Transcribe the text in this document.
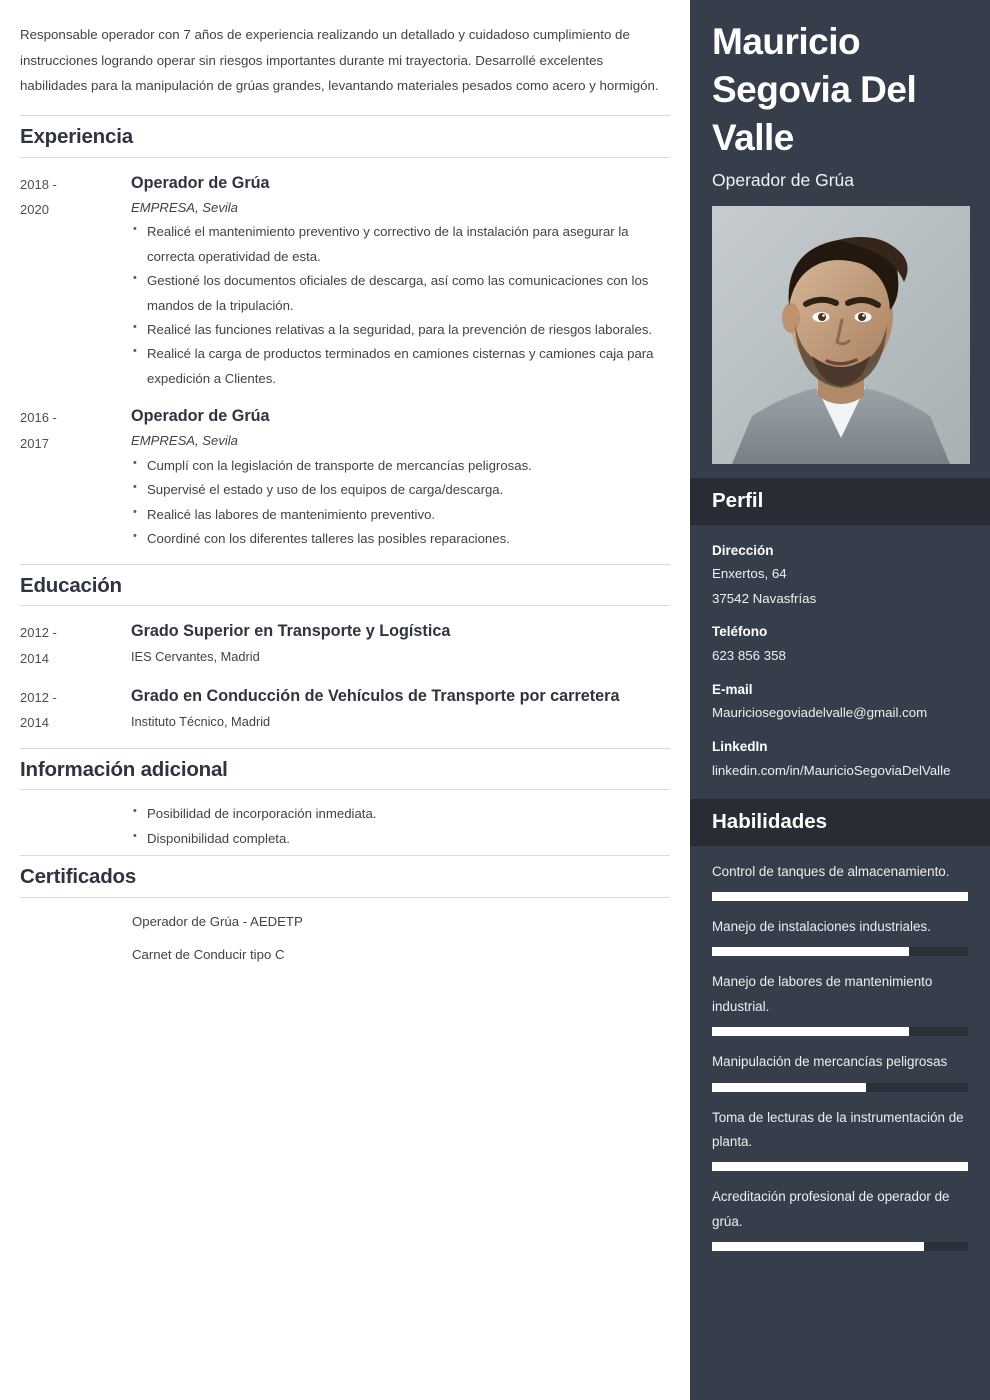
Responsable operador con 7 años de experiencia realizando un detallado y cuidadoso cumplimiento de instrucciones logrando operar sin riesgos importantes durante mi trayectoria. Desarrollé excelentes habilidades para la manipulación de grúas grandes, levantando materiales pesados como acero y hormigón.

Experiencia
2018 -
2020
Operador de Grúa
EMPRESA, Sevila
• Realicé el mantenimiento preventivo y correctivo de la instalación para asegurar la correcta operatividad de esta.
• Gestioné los documentos oficiales de descarga, así como las comunicaciones con los mandos de la tripulación.
• Realicé las funciones relativas a la seguridad, para la prevención de riesgos laborales.
• Realicé la carga de productos terminados en camiones cisternas y camiones caja para expedición a Clientes.
2016 -
2017
Operador de Grúa
EMPRESA, Sevila
• Cumplí con la legislación de transporte de mercancías peligrosas.
• Supervisé el estado y uso de los equipos de carga/descarga.
• Realicé las labores de mantenimiento preventivo.
• Coordiné con los diferentes talleres las posibles reparaciones.
Educación
2012 -
2014
Grado Superior en Transporte y Logística
IES Cervantes, Madrid
2012 -
2014
Grado en Conducción de Vehículos de Transporte por carretera
Instituto Técnico, Madrid
Información adicional
• Posibilidad de incorporación inmediata.
• Disponibilidad completa.
Certificados
Operador de Grúa - AEDETP
Carnet de Conducir tipo C
Mauricio Segovia Del Valle
Operador de Grúa
Perfil
Dirección
Enxertos, 64
37542 Navasfrías
Teléfono
623 856 358
E-mail
Mauriciosegoviadelvalle@gmail.com
LinkedIn
linkedin.com/in/MauricioSegoviaDelValle
Habilidades
Control de tanques de almacenamiento.
Manejo de instalaciones industriales.
Manejo de labores de mantenimiento industrial.
Manipulación de mercancías peligrosas
Toma de lecturas de la instrumentación de planta.
Acreditación profesional de operador de grúa.
